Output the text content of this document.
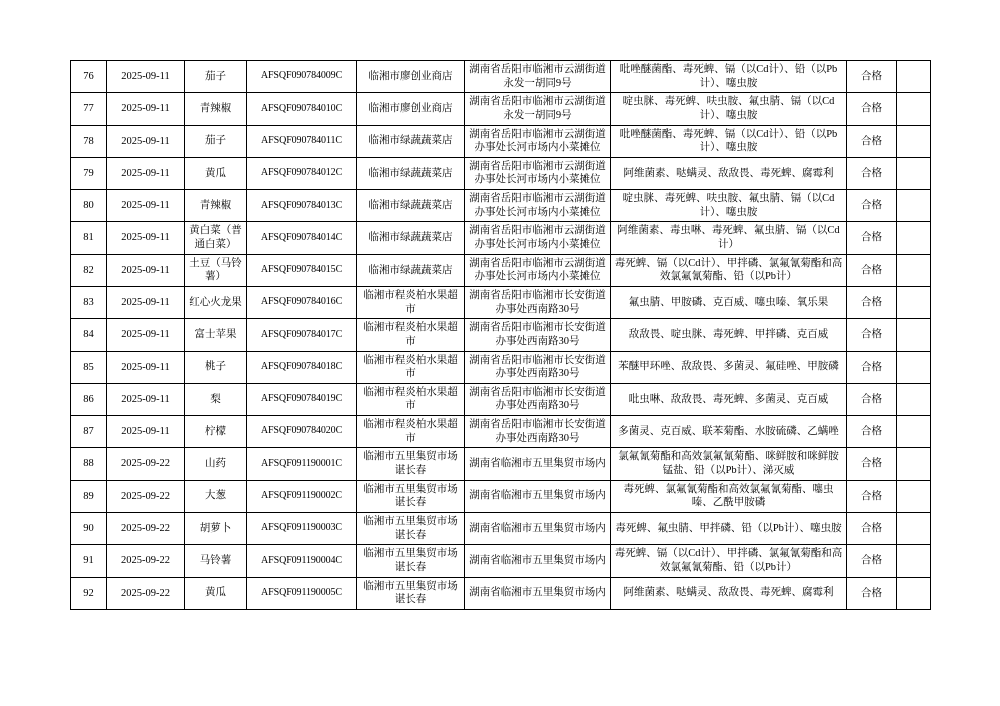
76	2025-09-11	茄子	AFSQF090784009C	临湘市廖创业商店	湖南省岳阳市临湘市云湖街道永发一胡同9号	吡唑醚菌酯、毒死蜱、镉（以Cd计）、铅（以Pb计）、噻虫胺	合格	
77	2025-09-11	青辣椒	AFSQF090784010C	临湘市廖创业商店	湖南省岳阳市临湘市云湖街道永发一胡同9号	啶虫脒、毒死蜱、呋虫胺、氟虫腈、镉（以Cd计）、噻虫胺	合格	
78	2025-09-11	茄子	AFSQF090784011C	临湘市绿蔬蔬菜店	湖南省岳阳市临湘市云湖街道办事处长河市场内小菜摊位	吡唑醚菌酯、毒死蜱、镉（以Cd计）、铅（以Pb计）、噻虫胺	合格	
79	2025-09-11	黄瓜	AFSQF090784012C	临湘市绿蔬蔬菜店	湖南省岳阳市临湘市云湖街道办事处长河市场内小菜摊位	阿维菌素、哒螨灵、敌敌畏、毒死蜱、腐霉利	合格	
80	2025-09-11	青辣椒	AFSQF090784013C	临湘市绿蔬蔬菜店	湖南省岳阳市临湘市云湖街道办事处长河市场内小菜摊位	啶虫脒、毒死蜱、呋虫胺、氟虫腈、镉（以Cd计）、噻虫胺	合格	
81	2025-09-11	黄白菜（普通白菜）	AFSQF090784014C	临湘市绿蔬蔬菜店	湖南省岳阳市临湘市云湖街道办事处长河市场内小菜摊位	阿维菌素、毒虫啉、毒死蜱、氟虫腈、镉（以Cd计）	合格	
82	2025-09-11	土豆（马铃薯）	AFSQF090784015C	临湘市绿蔬蔬菜店	湖南省岳阳市临湘市云湖街道办事处长河市场内小菜摊位	毒死蜱、镉（以Cd计）、甲拌磷、氯氟氰菊酯和高效氯氟氰菊酯、铅（以Pb计）	合格	
83	2025-09-11	红心火龙果	AFSQF090784016C	临湘市程炎柏水果超市	湖南省岳阳市临湘市长安街道办事处西南路30号	氟虫腈、甲胺磷、克百威、噻虫嗪、氧乐果	合格	
84	2025-09-11	富士苹果	AFSQF090784017C	临湘市程炎柏水果超市	湖南省岳阳市临湘市长安街道办事处西南路30号	敌敌畏、啶虫脒、毒死蜱、甲拌磷、克百威	合格	
85	2025-09-11	桃子	AFSQF090784018C	临湘市程炎柏水果超市	湖南省岳阳市临湘市长安街道办事处西南路30号	苯醚甲环唑、敌敌畏、多菌灵、氟硅唑、甲胺磷	合格	
86	2025-09-11	梨	AFSQF090784019C	临湘市程炎柏水果超市	湖南省岳阳市临湘市长安街道办事处西南路30号	吡虫啉、敌敌畏、毒死蜱、多菌灵、克百威	合格	
87	2025-09-11	柠檬	AFSQF090784020C	临湘市程炎柏水果超市	湖南省岳阳市临湘市长安街道办事处西南路30号	多菌灵、克百威、联苯菊酯、水胺硫磷、乙螨唑	合格	
88	2025-09-22	山药	AFSQF091190001C	临湘市五里集贸市场谌长春	湖南省临湘市五里集贸市场内	氯氟氰菊酯和高效氯氟氰菊酯、咪鲜胺和咪鲜胺锰盐、铅（以Pb计）、涕灭威	合格	
89	2025-09-22	大葱	AFSQF091190002C	临湘市五里集贸市场谌长春	湖南省临湘市五里集贸市场内	毒死蜱、氯氟氰菊酯和高效氯氟氰菊酯、噻虫嗪、乙酰甲胺磷	合格	
90	2025-09-22	胡萝卜	AFSQF091190003C	临湘市五里集贸市场谌长春	湖南省临湘市五里集贸市场内	毒死蜱、氟虫腈、甲拌磷、铅（以Pb计）、噻虫胺	合格	
91	2025-09-22	马铃薯	AFSQF091190004C	临湘市五里集贸市场谌长春	湖南省临湘市五里集贸市场内	毒死蜱、镉（以Cd计）、甲拌磷、氯氟氰菊酯和高效氯氟氰菊酯、铅（以Pb计）	合格	
92	2025-09-22	黄瓜	AFSQF091190005C	临湘市五里集贸市场谌长春	湖南省临湘市五里集贸市场内	阿维菌素、哒螨灵、敌敌畏、毒死蜱、腐霉利	合格	
